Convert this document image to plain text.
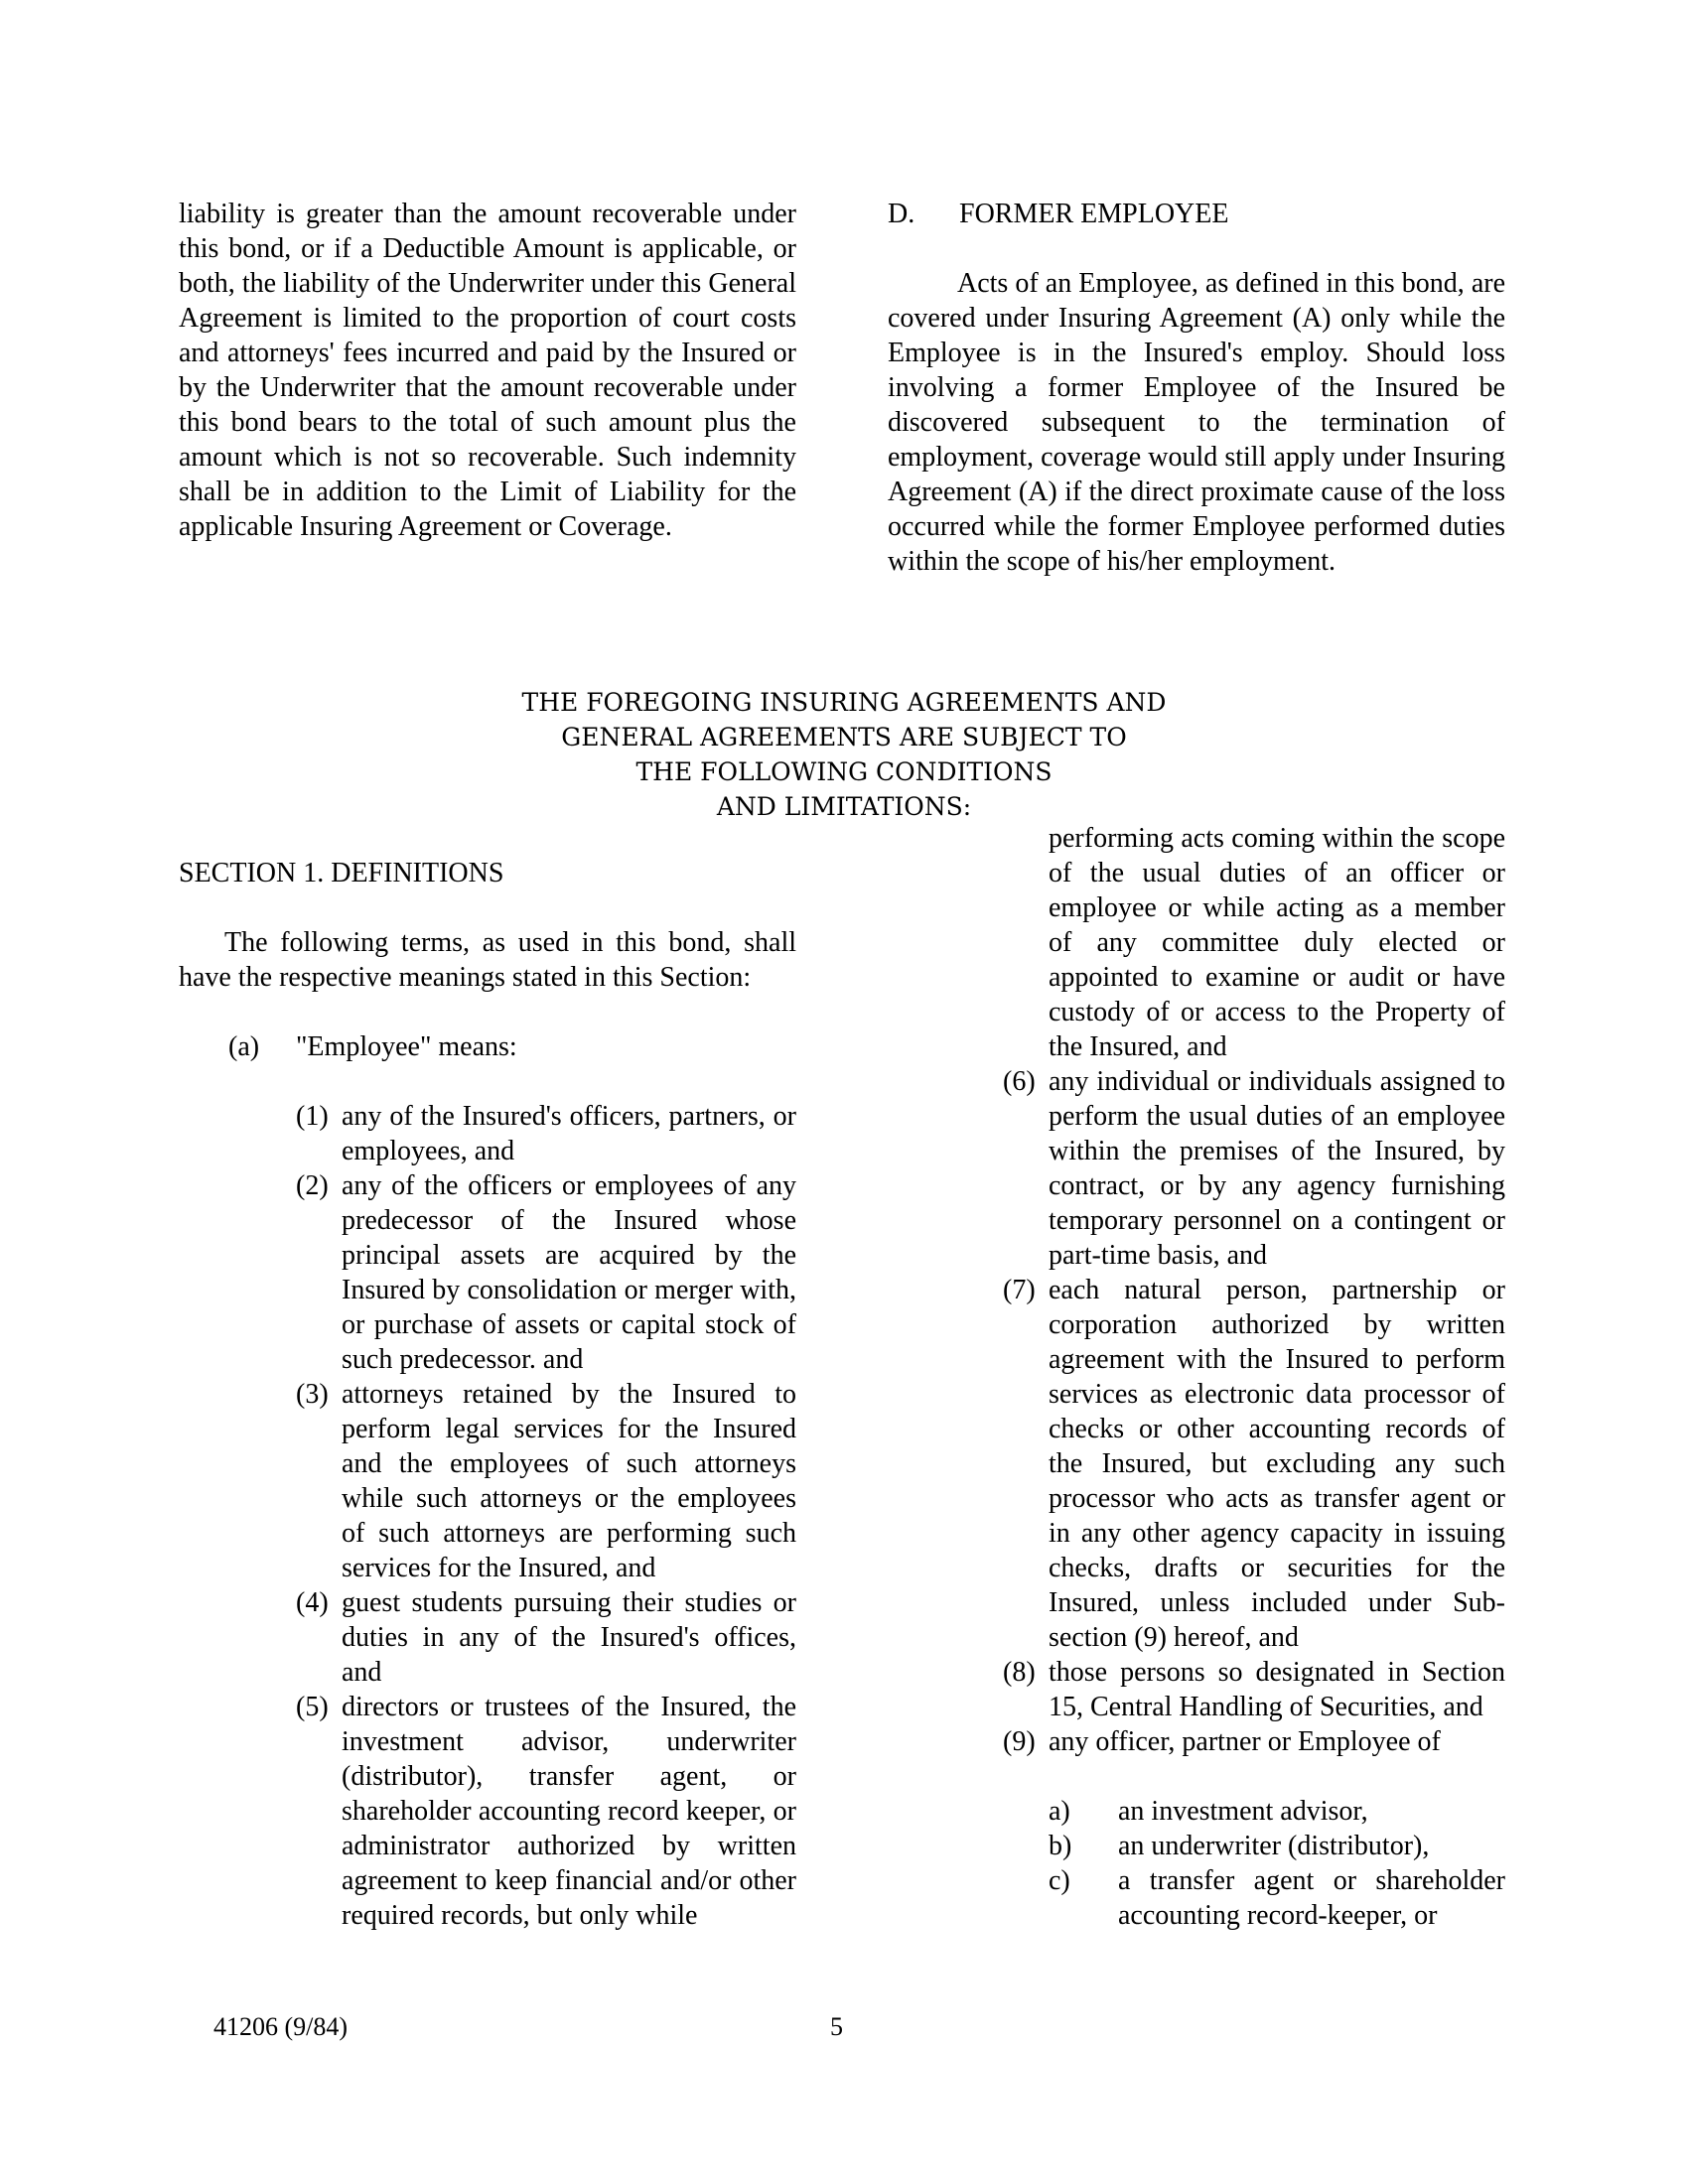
liability is greater than the amount recoverable under this bond, or if a Deductible Amount is applicable, or both, the liability of the Underwriter under this General Agreement is limited to the proportion of court costs and attorneys' fees incurred and paid by the Insured or by the Underwriter that the amount recoverable under this bond bears to the total of such amount plus the amount which is not so recoverable. Such indemnity shall be in addition to the Limit of Liability for the applicable Insuring Agreement or Coverage.

D.	FORMER EMPLOYEE

Acts of an Employee, as defined in this bond, are covered under Insuring Agreement (A) only while the Employee is in the Insured's employ. Should loss involving a former Employee of the Insured be discovered subsequent to the termination of employment, coverage would still apply under Insuring Agreement (A) if the direct proximate cause of the loss occurred while the former Employee performed duties within the scope of his/her employment.

THE FOREGOING INSURING AGREEMENTS AND
GENERAL AGREEMENTS ARE SUBJECT TO
THE FOLLOWING CONDITIONS
AND LIMITATIONS:
SECTION 1. DEFINITIONS

The following terms, as used in this bond, shall have the respective meanings stated in this Section:

(a)	"Employee" means:
(1) any of the Insured's officers, partners, or employees, and
(2) any of the officers or employees of any predecessor of the Insured whose principal assets are acquired by the Insured by consolidation or merger with, or purchase of assets or capital stock of such predecessor. and
(3) attorneys retained by the Insured to perform legal services for the Insured and the employees of such attorneys while such attorneys or the employees of such attorneys are performing such services for the Insured, and
(4) guest students pursuing their studies or duties in any of the Insured's offices, and
(5) directors or trustees of the Insured, the investment advisor, underwriter (distributor), transfer agent, or shareholder accounting record keeper, or administrator authorized by written agreement to keep financial and/or other required records, but only while

performing acts coming within the scope of the usual duties of an officer or employee or while acting as a member of any committee duly elected or appointed to examine or audit or have custody of or access to the Property of the Insured, and

(6) any individual or individuals assigned to perform the usual duties of an employee within the premises of the Insured, by contract, or by any agency furnishing temporary personnel on a contingent or part-time basis, and
(7) each natural person, partnership or corporation authorized by written agreement with the Insured to perform services as electronic data processor of checks or other accounting records of the Insured, but excluding any such processor who acts as transfer agent or in any other agency capacity in issuing checks, drafts or securities for the Insured, unless included under Sub-section (9) hereof, and
(8) those persons so designated in Section 15, Central Handling of Securities, and
(9) any officer, partner or Employee of
a)	an investment advisor,
b)	an underwriter (distributor),
c)	a transfer agent or shareholder accounting record-keeper, or
41206 (9/84)	5
